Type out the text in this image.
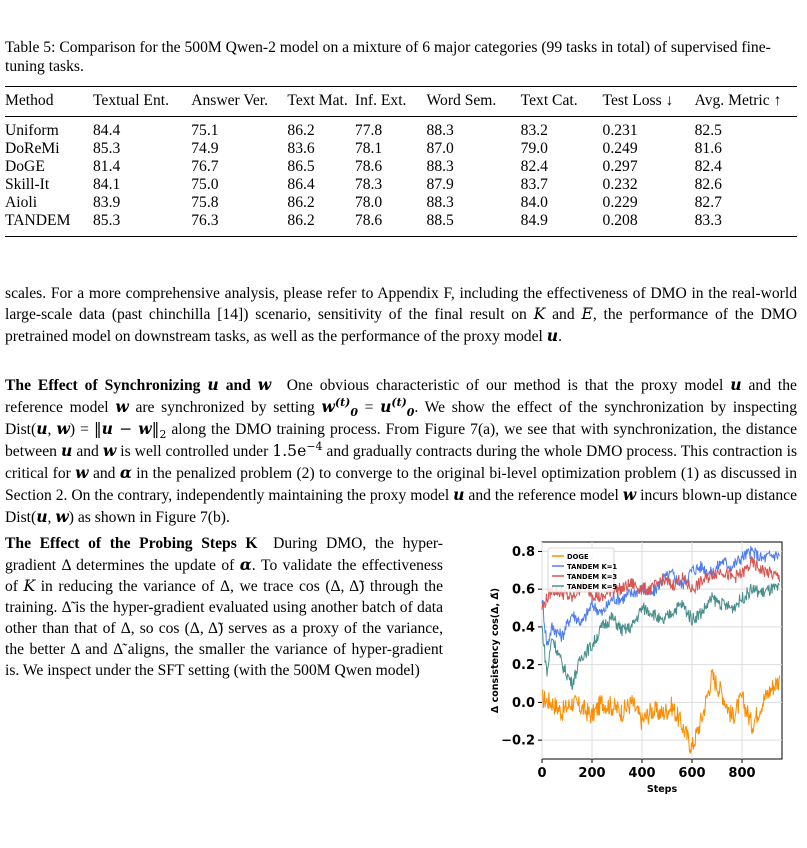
Table 5: Comparison for the 500M Qwen-2 model on a mixture of 6 major categories (99 tasks in total) of supervised fine-tuning tasks.
Method	Textual Ent.	Answer Ver.	Text Mat.	Inf. Ext.	Word Sem.	Text Cat.	Test Loss ↓	Avg. Metric ↑
Uniform	84.4	75.1	86.2	77.8	88.3	83.2	0.231	82.5
DoReMi	85.3	74.9	83.6	78.1	87.0	79.0	0.249	81.6
DoGE	81.4	76.7	86.5	78.6	88.3	82.4	0.297	82.4
Skill-It	84.1	75.0	86.4	78.3	87.9	83.7	0.232	82.6
Aioli	83.9	75.8	86.2	78.0	88.3	84.0	0.229	82.7
TANDEM	85.3	76.3	86.2	78.6	88.5	84.9	0.208	83.3
scales. For a more comprehensive analysis, please refer to Appendix F, including the effectiveness of DMO in the real-world large-scale data (past chinchilla [14]) scenario, sensitivity of the final result on K and E, the performance of the DMO pretrained model on downstream tasks, as well as the performance of the proxy model u.
The Effect of Synchronizing u and w  One obvious characteristic of our method is that the proxy model u and the reference model w are synchronized by setting $w^{(t)}_0 = u^{(t)}_0$. We show the effect of the synchronization by inspecting Dist(u, w) = ‖u − $w‖_2$ along the DMO training process. From Figure 7(a), we see that with synchronization, the distance between u and w is well controlled under $1.5e^{-4}$ and gradually contracts during the whole DMO process. This contraction is critical for w and α in the penalized problem (2) to converge to the original bi-level optimization problem (1) as discussed in Section 2. On the contrary, independently maintaining the proxy model u and the reference model w incurs blown-up distance Dist(u, w) as shown in Figure 7(b).
The Effect of the Probing Steps K  During DMO, the hyper-gradient Δ determines the update of α. To validate the effectiveness of K in reducing the variance of Δ, we trace cos (Δ, Δ̃) through the training. Δ̃ is the hyper-gradient evaluated using another batch of data other than that of Δ, so cos (Δ, Δ̃) serves as a proxy of the variance, the better Δ and Δ̃ aligns, the smaller the variance of hyper-gradient is. We inspect under the SFT setting (with the 500M Qwen model)
0 200 400 600 800
−0.2
0.0
0.2
0.4
0.6
0.8
Steps
Δ consistency cos(Δ, Δ̃)
DOGE
TANDEM K=1
TANDEM K=3
TANDEM K=5
